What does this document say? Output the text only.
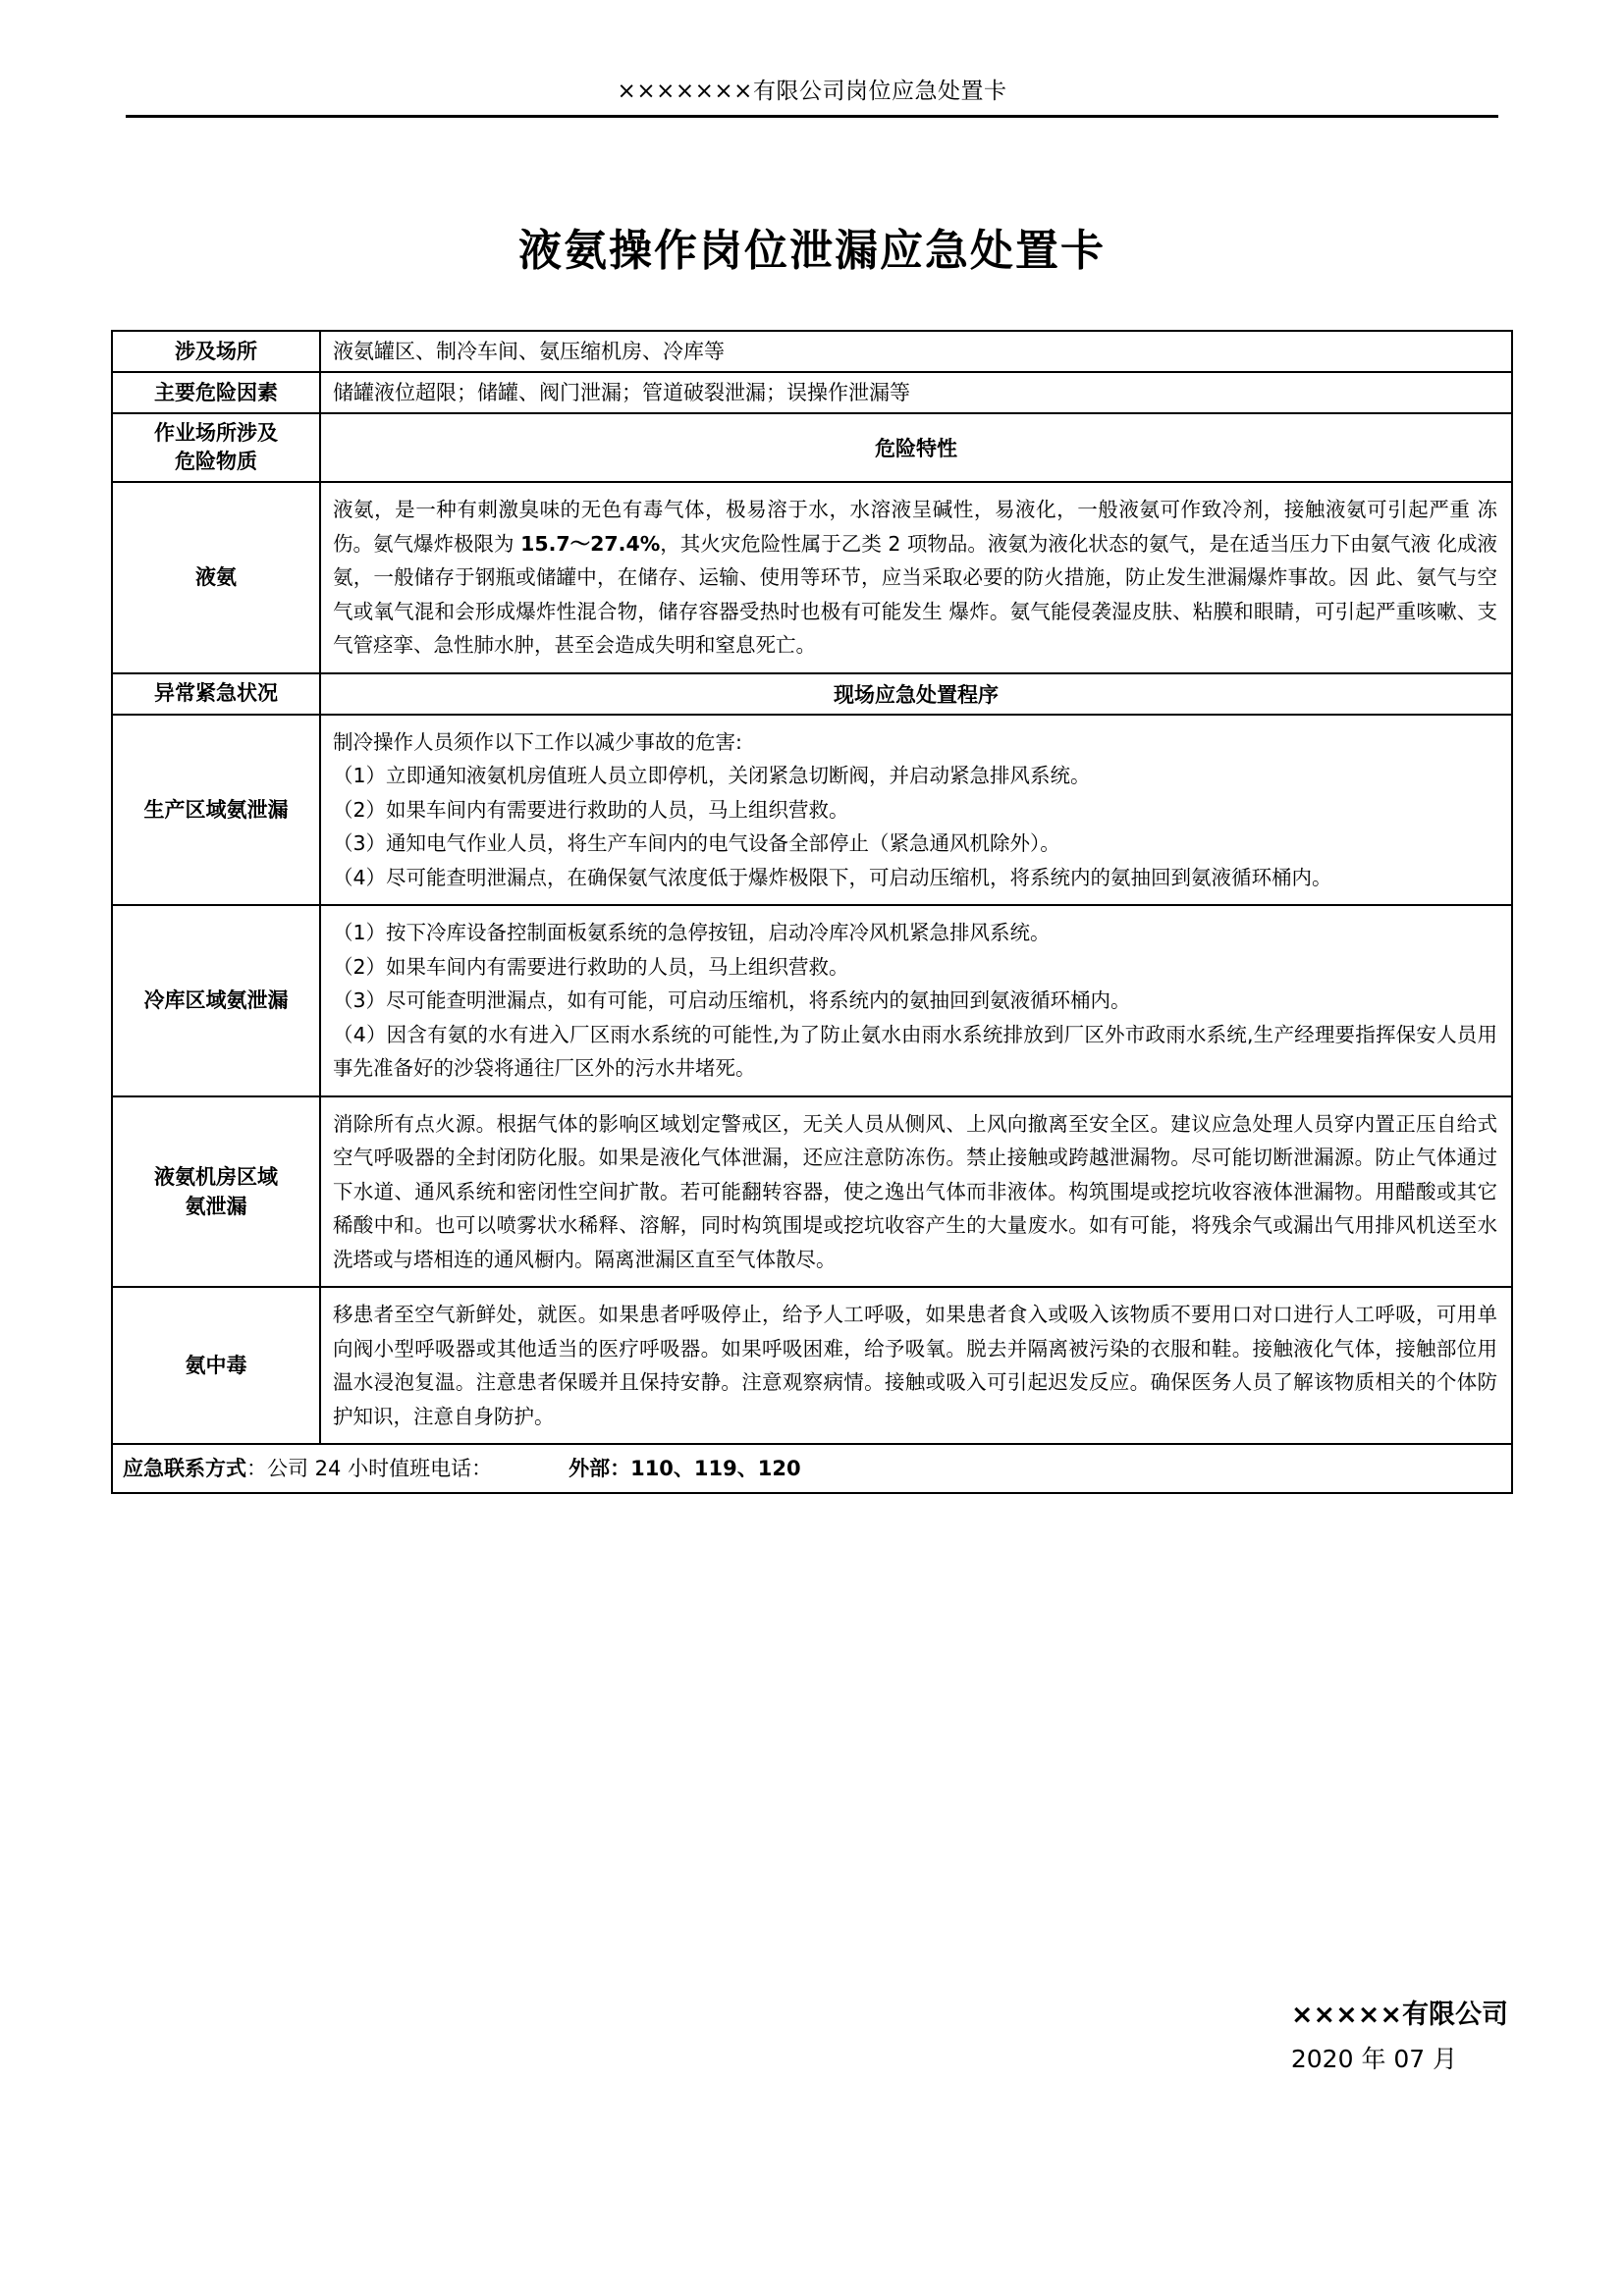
×××××××有限公司岗位应急处置卡
液氨操作岗位泄漏应急处置卡
涉及场所	液氨罐区、制冷车间、氨压缩机房、冷库等
主要危险因素	储罐液位超限；储罐、阀门泄漏；管道破裂泄漏；误操作泄漏等
作业场所涉及
危险物质	危险特性
液氨	液氨，是一种有刺激臭味的无色有毒气体，极易溶于水，水溶液呈碱性，易液化，一般液氨可作致冷剂，接触液氨可引起严重 冻伤。氨气爆炸极限为 15.7～27.4%，其火灾危险性属于乙类 2 项物品。液氨为液化状态的氨气，是在适当压力下由氨气液 化成液氨，一般储存于钢瓶或储罐中，在储存、运输、使用等环节，应当采取必要的防火措施，防止发生泄漏爆炸事故。因 此、氨气与空气或氧气混和会形成爆炸性混合物，储存容器受热时也极有可能发生 爆炸。氨气能侵袭湿皮肤、粘膜和眼睛，可引起严重咳嗽、支气管痉挛、急性肺水肿，甚至会造成失明和窒息死亡。

异常紧急状况	现场应急处置程序
生产区域氨泄漏	制冷操作人员须作以下工作以减少事故的危害:

（1）立即通知液氨机房值班人员立即停机，关闭紧急切断阀，并启动紧急排风系统。

（2）如果车间内有需要进行救助的人员，马上组织营救。

（3）通知电气作业人员，将生产车间内的电气设备全部停止（紧急通风机除外）。

（4）尽可能查明泄漏点，在确保氨气浓度低于爆炸极限下，可启动压缩机，将系统内的氨抽回到氨液循环桶内。

冷库区域氨泄漏	（1）按下冷库设备控制面板氨系统的急停按钮，启动冷库冷风机紧急排风系统。

（2）如果车间内有需要进行救助的人员，马上组织营救。

（3）尽可能查明泄漏点，如有可能，可启动压缩机，将系统内的氨抽回到氨液循环桶内。

（4）因含有氨的水有进入厂区雨水系统的可能性,为了防止氨水由雨水系统排放到厂区外市政雨水系统,生产经理要指挥保安人员用事先准备好的沙袋将通往厂区外的污水井堵死。

液氨机房区域
氨泄漏	消除所有点火源。根据气体的影响区域划定警戒区，无关人员从侧风、上风向撤离至安全区。建议应急处理人员穿内置正压自给式空气呼吸器的全封闭防化服。如果是液化气体泄漏，还应注意防冻伤。禁止接触或跨越泄漏物。尽可能切断泄漏源。防止气体通过下水道、通风系统和密闭性空间扩散。若可能翻转容器，使之逸出气体而非液体。构筑围堤或挖坑收容液体泄漏物。用醋酸或其它稀酸中和。也可以喷雾状水稀释、溶解，同时构筑围堤或挖坑收容产生的大量废水。如有可能，将残余气或漏出气用排风机送至水洗塔或与塔相连的通风橱内。隔离泄漏区直至气体散尽。

氨中毒	移患者至空气新鲜处，就医。如果患者呼吸停止，给予人工呼吸，如果患者食入或吸入该物质不要用口对口进行人工呼吸，可用单向阀小型呼吸器或其他适当的医疗呼吸器。如果呼吸困难，给予吸氧。脱去并隔离被污染的衣服和鞋。接触液化气体，接触部位用温水浸泡复温。注意患者保暖并且保持安静。注意观察病情。接触或吸入可引起迟发反应。确保医务人员了解该物质相关的个体防护知识，注意自身防护。

应急联系方式：公司 24 小时值班电话： 外部：110、119、120	
×××××有限公司
2020 年 07 月
